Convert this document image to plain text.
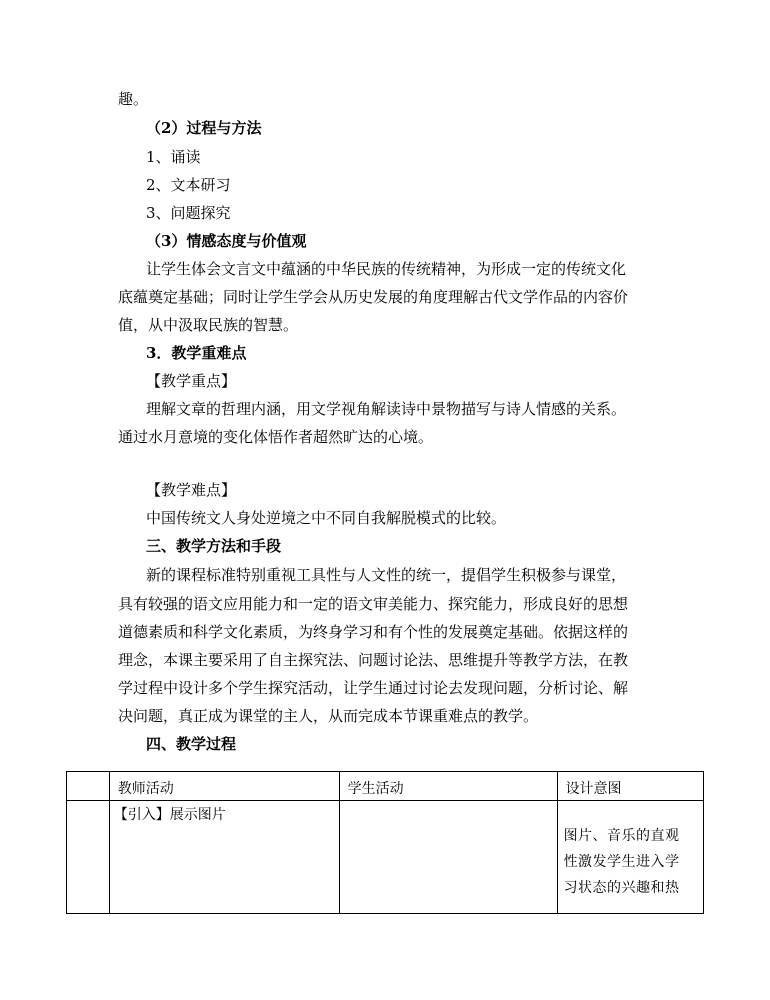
趣。
（2）过程与方法
1、诵读
2、文本研习
3、问题探究
（3）情感态度与价值观
让学生体会文言文中蕴涵的中华民族的传统精神，为形成一定的传统文化
底蕴奠定基础；同时让学生学会从历史发展的角度理解古代文学作品的内容价
值，从中汲取民族的智慧。
3．教学重难点
【教学重点】
理解文章的哲理内涵，用文学视角解读诗中景物描写与诗人情感的关系。
通过水月意境的变化体悟作者超然旷达的心境。
【教学难点】
中国传统文人身处逆境之中不同自我解脱模式的比较。
三、教学方法和手段
新的课程标准特别重视工具性与人文性的统一，提倡学生积极参与课堂，
具有较强的语文应用能力和一定的语文审美能力、探究能力，形成良好的思想
道德素质和科学文化素质，为终身学习和有个性的发展奠定基础。依据这样的
理念，本课主要采用了自主探究法、问题讨论法、思维提升等教学方法，在教
学过程中设计多个学生探究活动，让学生通过讨论去发现问题，分析讨论、解
决问题，真正成为课堂的主人，从而完成本节课重难点的教学。
四、教学过程

	教师活动	学生活动	设计意图

	【引入】展示图片		图片、音乐的直观
性激发学生进入学
习状态的兴趣和热
